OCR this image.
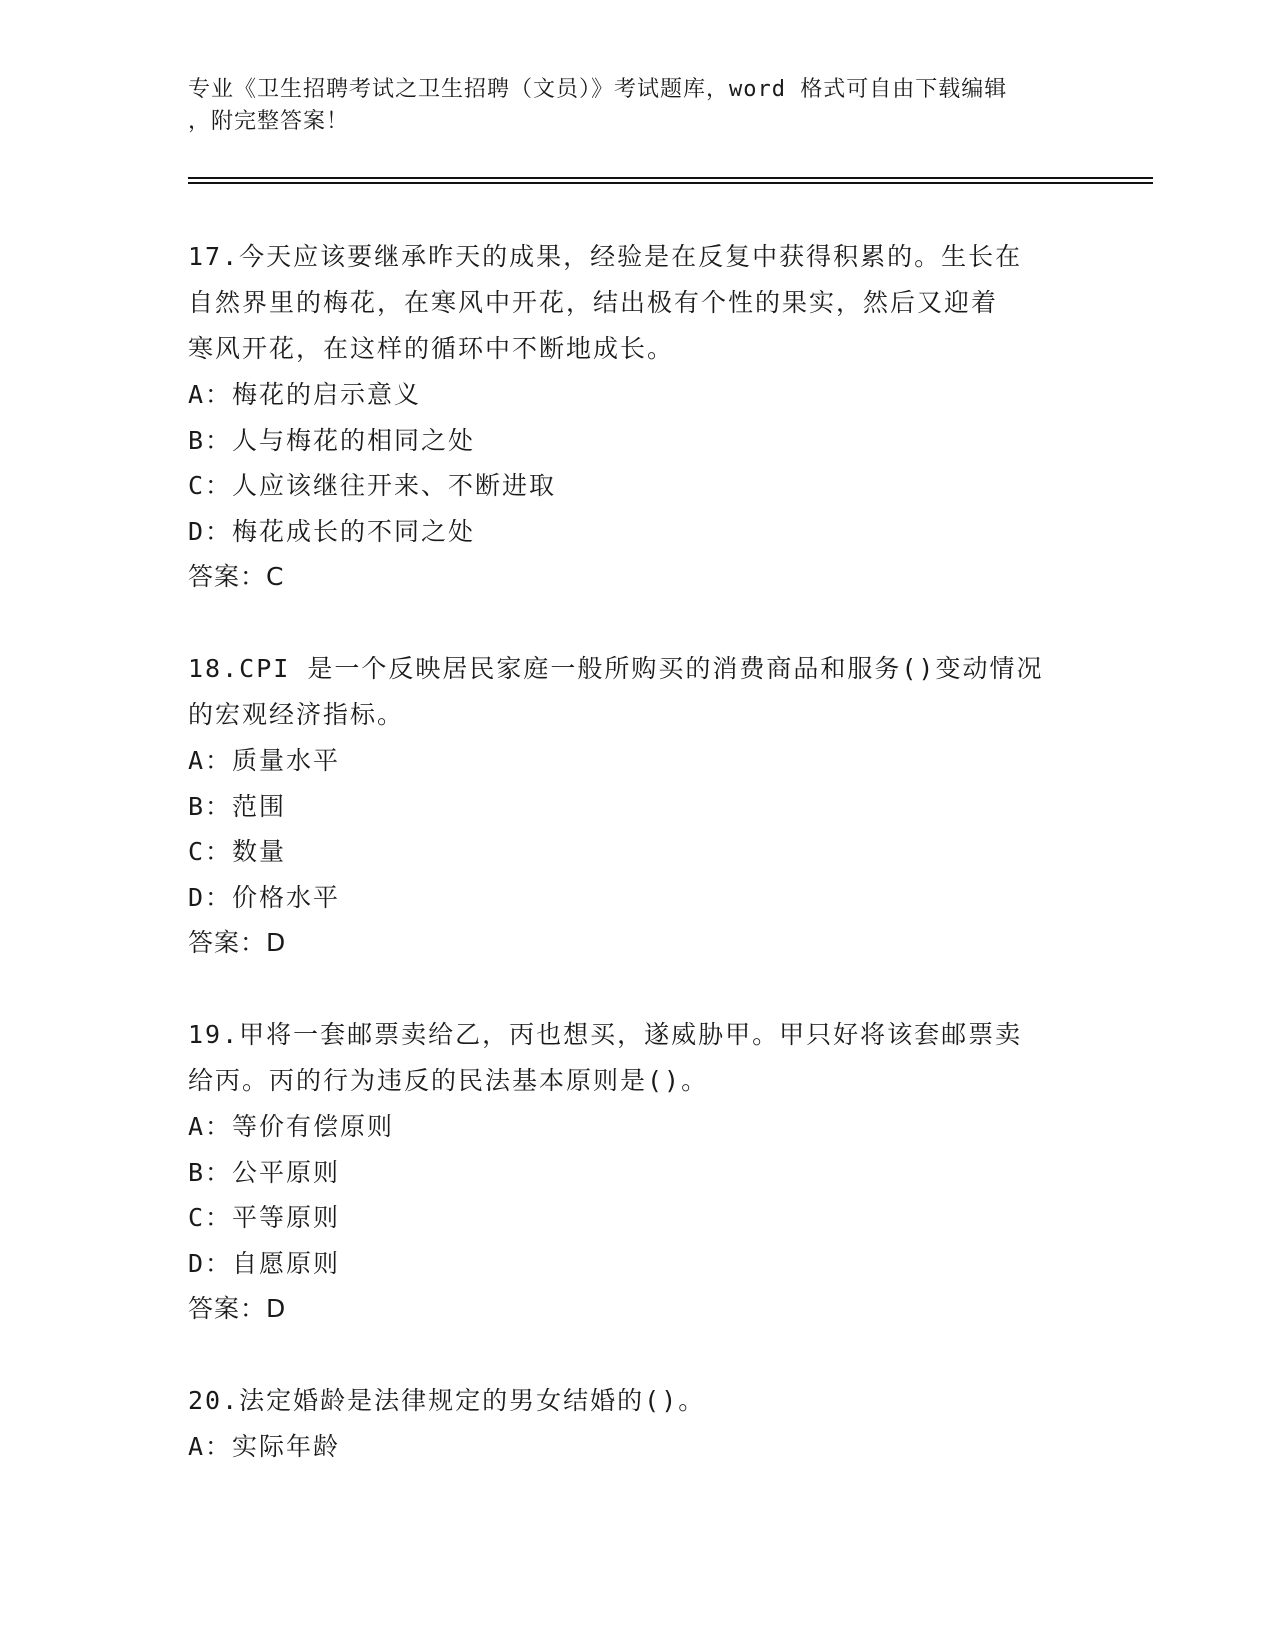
专业《卫生招聘考试之卫生招聘（文员）》考试题库，word 格式可自由下载编辑
，附完整答案！

17.今天应该要继承昨天的成果，经验是在反复中获得积累的。生长在

自然界里的梅花，在寒风中开花，结出极有个性的果实，然后又迎着

寒风开花，在这样的循环中不断地成长。

A：梅花的启示意义

B：人与梅花的相同之处

C：人应该继往开来、不断进取

D：梅花成长的不同之处

答案：C

18.CPI 是一个反映居民家庭一般所购买的消费商品和服务()变动情况

的宏观经济指标。

A：质量水平

B：范围

C：数量

D：价格水平

答案：D

19.甲将一套邮票卖给乙，丙也想买，遂威胁甲。甲只好将该套邮票卖

给丙。丙的行为违反的民法基本原则是()。

A：等价有偿原则

B：公平原则

C：平等原则

D：自愿原则

答案：D

20.法定婚龄是法律规定的男女结婚的()。

A：实际年龄
